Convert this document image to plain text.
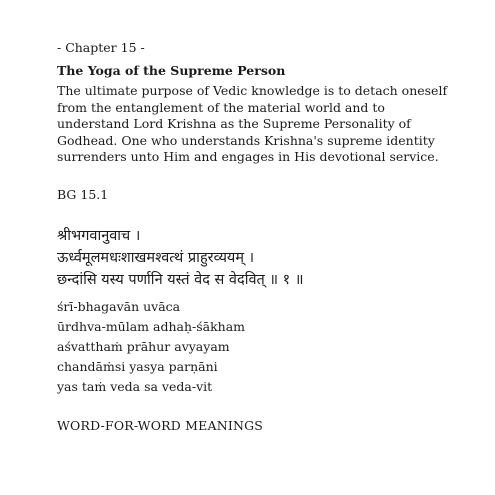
- Chapter 15 -

The Yoga of the Supreme Person

The ultimate purpose of Vedic knowledge is to detach oneself
from the entanglement of the material world and to
understand Lord Krishna as the Supreme Personality of
Godhead. One who understands Krishna's supreme identity
surrenders unto Him and engages in His devotional service.

BG 15.1

श्रीभगवानुवाच ।
ऊर्ध्वमूलमधःशाखमश्वत्थं प्राहुरव्ययम् ।
छन्दांसि यस्य पर्णानि यस्तं वेद स वेदवित् ॥ १ ॥
śrī-bhagavān uvāca
ūrdhva-mūlam adhaḥ-śākham
aśvatthaṁ prāhur avyayam
chandāṁsi yasya parṇāni
yas taṁ veda sa veda-vit
WORD-FOR-WORD MEANINGS
